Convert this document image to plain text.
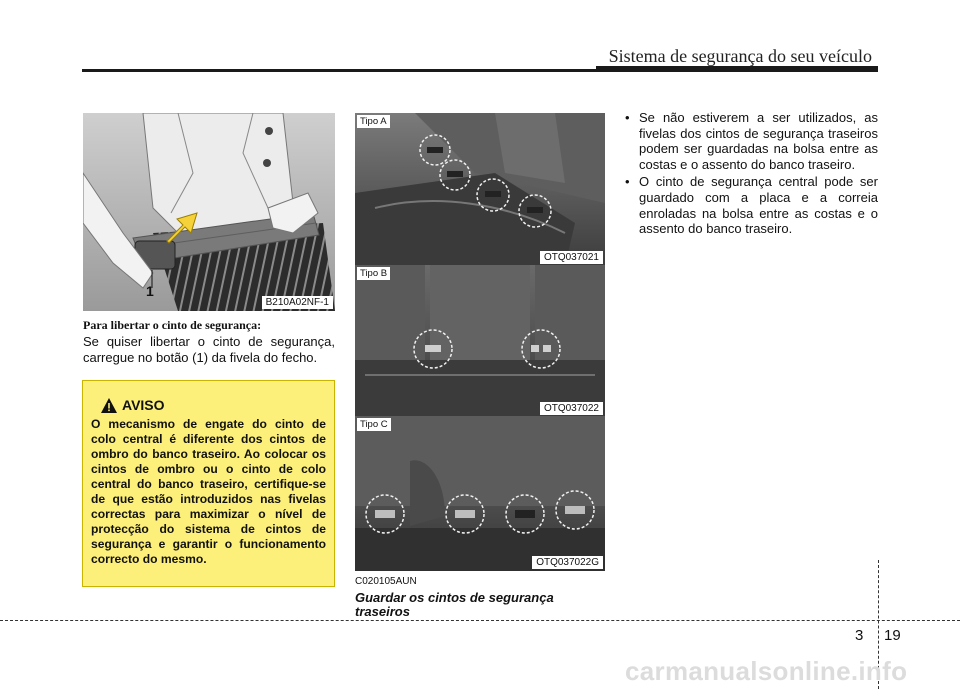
Sistema de segurança do seu veículo
1
B210A02NF-1
Para libertar o cinto de segurança:
Se quiser libertar o cinto de segurança, carregue no botão (1) da fivela do fecho.
AVISO
O mecanismo de engate do cinto de colo central é diferente dos cintos de ombro do banco traseiro. Ao colocar os cintos de ombro ou o cinto de colo central do banco traseiro, certifique-se de que estão introduzidos nas fivelas correctas para maximizar o nível de protecção do sistema de cintos de segurança e garantir o funcionamento correcto do mesmo.
Tipo A
OTQ037021
Tipo B
OTQ037022
Tipo C
OTQ037022G
C020105AUN
Guardar os cintos de segurança traseiros
• Se não estiverem a ser utilizados, as fivelas dos cintos de segurança traseiros podem ser guardadas na bolsa entre as costas e o assento do banco traseiro.
• O cinto de segurança central pode ser guardado com a placa e a correia enroladas na bolsa entre as costas e o assento do banco traseiro.
3 19
carmanualsonline.info
